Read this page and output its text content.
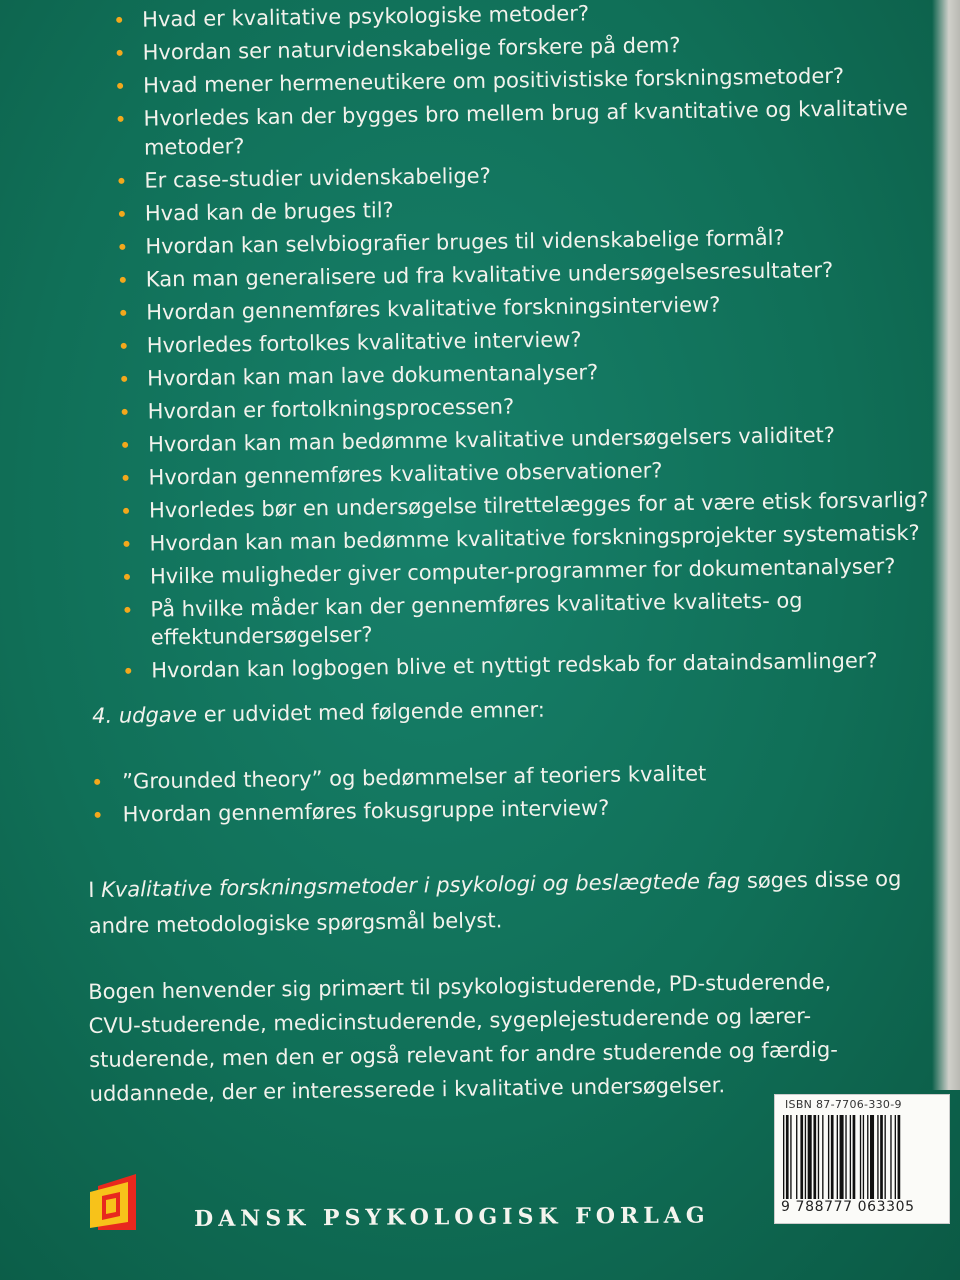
Hvad er kvalitative psykologiske metoder?
Hvordan ser naturvidenskabelige forskere på dem?
Hvad mener hermeneutikere om positivistiske forskningsmetoder?
Hvorledes kan der bygges bro mellem brug af kvantitative og kvalitative metoder?
Er case-studier uvidenskabelige?
Hvad kan de bruges til?
Hvordan kan selvbiografier bruges til videnskabelige formål?
Kan man generalisere ud fra kvalitative undersøgelsesresultater?
Hvordan gennemføres kvalitative forskningsinterview?
Hvorledes fortolkes kvalitative interview?
Hvordan kan man lave dokumentanalyser?
Hvordan er fortolkningsprocessen?
Hvordan kan man bedømme kvalitative undersøgelsers validitet?
Hvordan gennemføres kvalitative observationer?
Hvorledes bør en undersøgelse tilrettelægges for at være etisk forsvarlig?
Hvordan kan man bedømme kvalitative forskningsprojekter systematisk?
Hvilke muligheder giver computer-programmer for dokumentanalyser?
På hvilke måder kan der gennemføres kvalitative kvalitets- og effektundersøgelser?
Hvordan kan logbogen blive et nyttigt redskab for dataindsamlinger?
4. udgave er udvidet med følgende emner:
”Grounded theory” og bedømmelser af teoriers kvalitet
Hvordan gennemføres fokusgruppe interview?
I Kvalitative forskningsmetoder i psykologi og beslægtede fag søges disse og andre metodologiske spørgsmål belyst.
Bogen henvender sig primært til psykologistuderende, PD-studerende, CVU-studerende, medicinstuderende, sygeplejestuderende og lærer-studerende, men den er også relevant for andre studerende og færdig-uddannede, der er interesserede i kvalitative undersøgelser.	ISBN 87-7706-330-9
9 788777 063305
DANSK PSYKOLOGISK FORLAG
